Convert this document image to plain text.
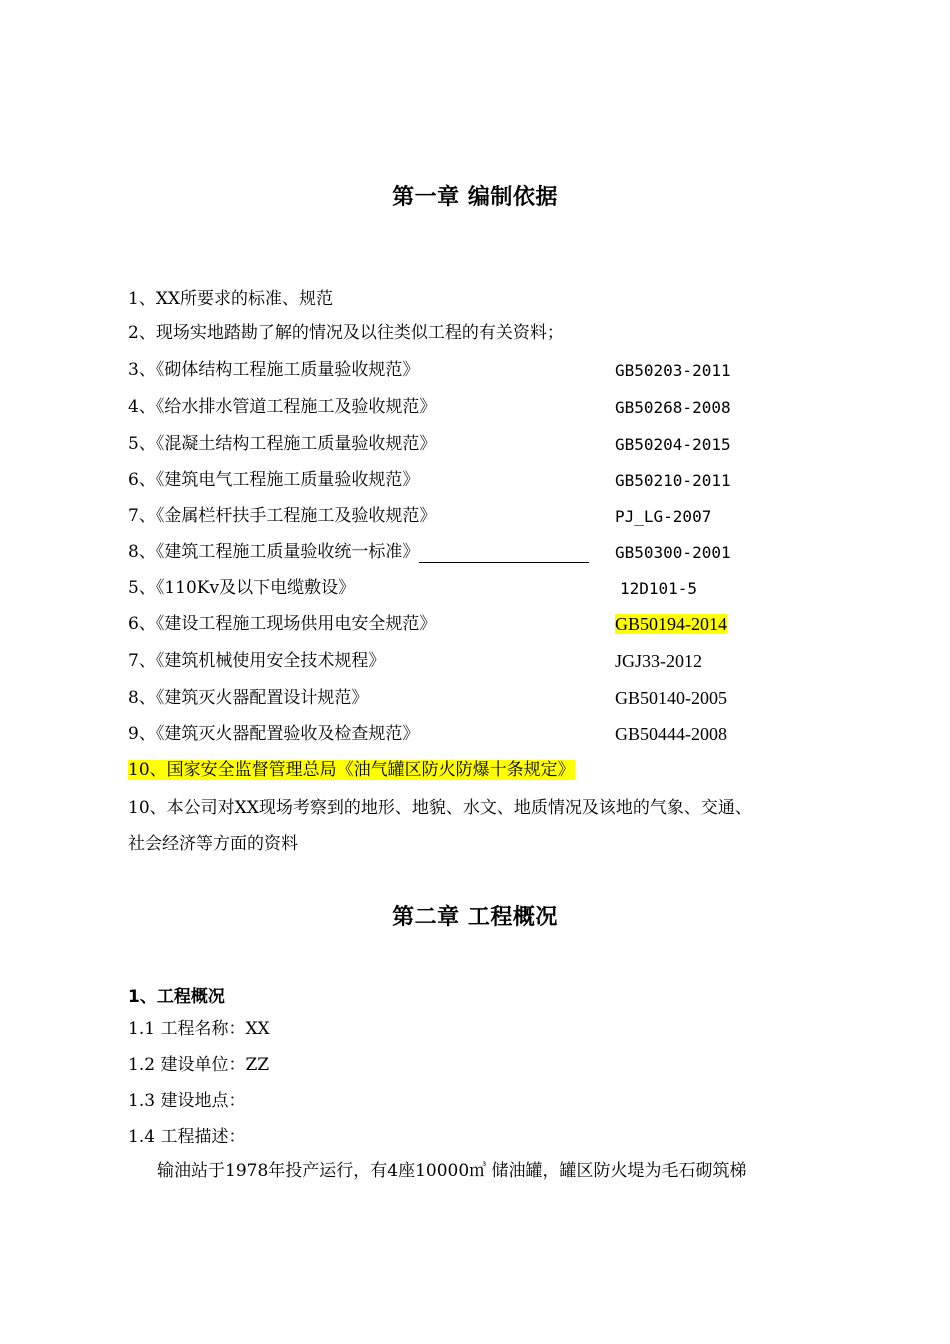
第一章 编制依据
1、XX所要求的标准、规范
2、现场实地踏勘了解的情况及以往类似工程的有关资料；
3、《砌体结构工程施工质量验收规范》	GB50203-2011
4、《给水排水管道工程施工及验收规范》	GB50268-2008
5、《混凝土结构工程施工质量验收规范》	GB50204-2015
6、《建筑电气工程施工质量验收规范》	GB50210-2011
7、《金属栏杆扶手工程施工及验收规范》	PJ_LG-2007
8、《建筑工程施工质量验收统一标准》	GB50300-2001
5、《110Kv及以下电缆敷设》	12D101-5
6、《建设工程施工现场供用电安全规范》	GB50194-2014
7、《建筑机械使用安全技术规程》	JGJ33-2012
8、《建筑灭火器配置设计规范》	GB50140-2005
9、《建筑灭火器配置验收及检查规范》	GB50444-2008
10、国家安全监督管理总局《油气罐区防火防爆十条规定》
10、本公司对XX现场考察到的地形、地貌、水文、地质情况及该地的气象、交通、
社会经济等方面的资料
第二章 工程概况
1、工程概况
1.1 工程名称：XX
1.2 建设单位：ZZ
1.3 建设地点：
1.4 工程描述：
输油站于1978年投产运行，有4座10000㎥ 储油罐，罐区防火堤为毛石砌筑梯
